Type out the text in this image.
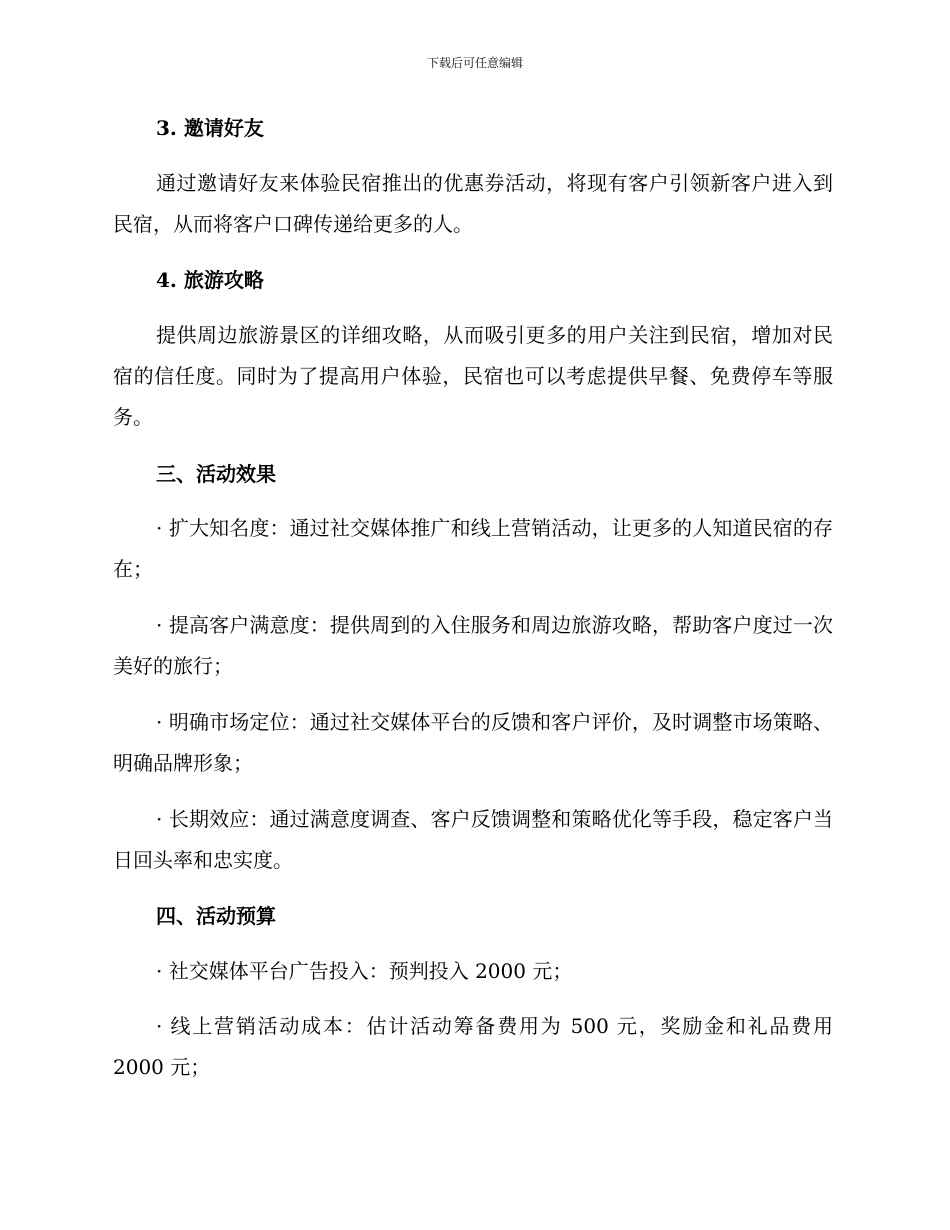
下载后可任意编辑
3. 邀请好友
通过邀请好友来体验民宿推出的优惠券活动，将现有客户引领新客户进入到民宿，从而将客户口碑传递给更多的人。
4. 旅游攻略
提供周边旅游景区的详细攻略，从而吸引更多的用户关注到民宿，增加对民宿的信任度。同时为了提高用户体验，民宿也可以考虑提供早餐、免费停车等服务。
三、活动效果
· 扩大知名度：通过社交媒体推广和线上营销活动，让更多的人知道民宿的存在；
· 提高客户满意度：提供周到的入住服务和周边旅游攻略，帮助客户度过一次美好的旅行；
· 明确市场定位：通过社交媒体平台的反馈和客户评价，及时调整市场策略、明确品牌形象；
· 长期效应：通过满意度调查、客户反馈调整和策略优化等手段，稳定客户当日回头率和忠实度。
四、活动预算
· 社交媒体平台广告投入：预判投入 2000 元；
· 线上营销活动成本：估计活动筹备费用为 500 元，奖励金和礼品费用 2000 元；
